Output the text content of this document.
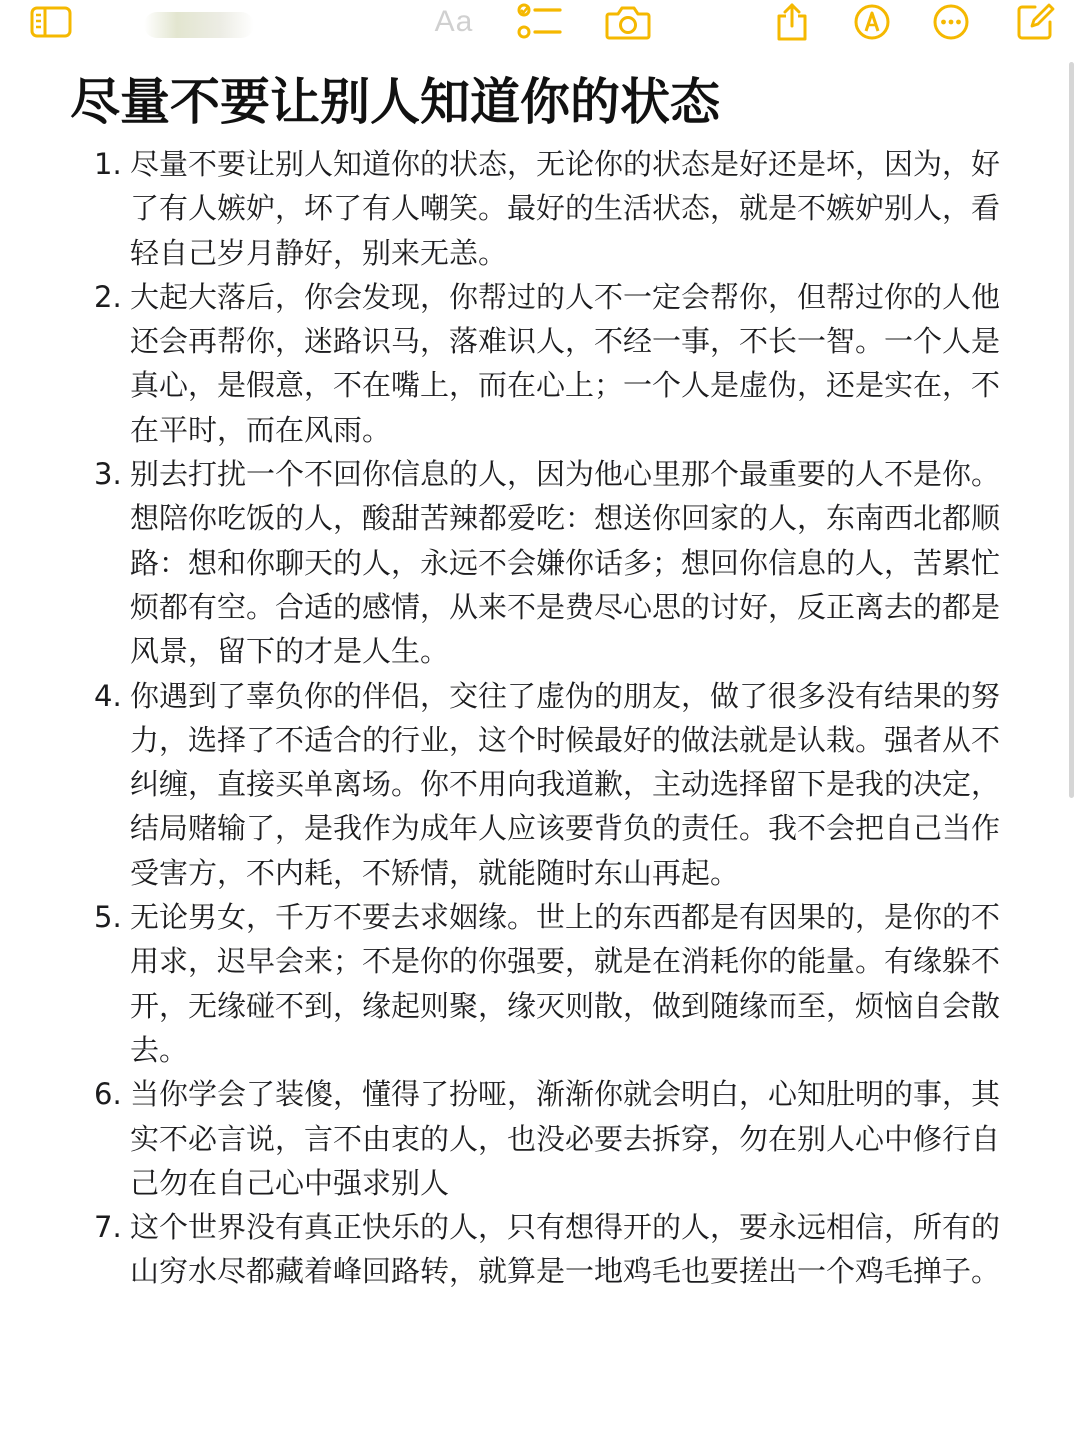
Aa
尽量不要让别人知道你的状态
1. 尽量不要让别人知道你的状态，无论你的状态是好还是坏，因为，好了有人嫉妒，坏了有人嘲笑。最好的生活状态，就是不嫉妒别人，看轻自己岁月静好，别来无恙。
2. 大起大落后，你会发现，你帮过的人不一定会帮你，但帮过你的人他还会再帮你，迷路识马，落难识人，不经一事，不长一智。一个人是真心，是假意，不在嘴上，而在心上；一个人是虚伪，还是实在，不在平时，而在风雨。
3. 别去打扰一个不回你信息的人，因为他心里那个最重要的人不是你。想陪你吃饭的人，酸甜苦辣都爱吃：想送你回家的人，东南西北都顺路：想和你聊天的人，永远不会嫌你话多；想回你信息的人，苦累忙烦都有空。合适的感情，从来不是费尽心思的讨好，反正离去的都是风景，留下的才是人生。
4. 你遇到了辜负你的伴侣，交往了虚伪的朋友，做了很多没有结果的努力，选择了不适合的行业，这个时候最好的做法就是认栽。强者从不纠缠，直接买单离场。你不用向我道歉，主动选择留下是我的决定，结局赌输了，是我作为成年人应该要背负的责任。我不会把自己当作受害方，不内耗，不矫情，就能随时东山再起。
5. 无论男女，千万不要去求姻缘。世上的东西都是有因果的，是你的不用求，迟早会来；不是你的你强要，就是在消耗你的能量。有缘躲不开，无缘碰不到，缘起则聚，缘灭则散，做到随缘而至，烦恼自会散去。
6. 当你学会了装傻，懂得了扮哑，渐渐你就会明白，心知肚明的事，其实不必言说，言不由衷的人，也没必要去拆穿，勿在别人心中修行自己勿在自己心中强求别人
7. 这个世界没有真正快乐的人，只有想得开的人，要永远相信，所有的山穷水尽都藏着峰回路转，就算是一地鸡毛也要搓出一个鸡毛掸子。
